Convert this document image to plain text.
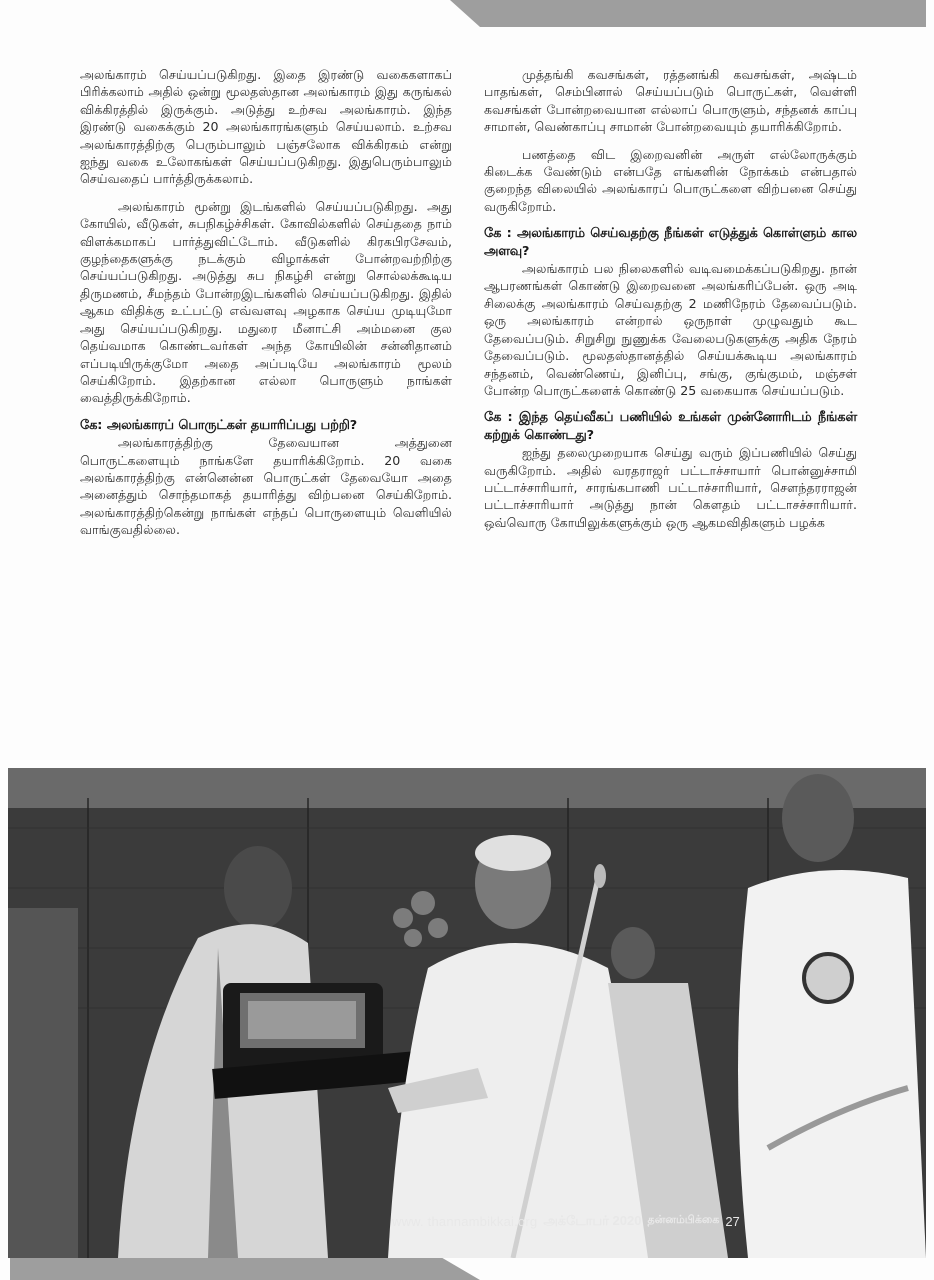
அலங்காரம் செய்யப்படுகிறது. இதை இரண்டு வகைகளாகப் பிரிக்கலாம் அதில் ஒன்று மூலதஸ்தான அலங்காரம் இது கருங்கல் விக்கிரத்தில் இருக்கும். அடுத்து உற்சவ அலங்காரம். இந்த இரண்டு வகைக்கும் 20 அலங்காரங்களும் செய்யலாம். உற்சவ அலங்காரத்திற்கு பெரும்பாலும் பஞ்சலோக விக்கிரகம் என்று ஐந்து வகை உலோகங்கள் செய்யப்படுகிறது. இதுபெரும்பாலும் செய்வதைப் பார்த்திருக்கலாம்.

அலங்காரம் மூன்று இடங்களில் செய்யப்படுகிறது. அது கோயில், வீடுகள், சுபநிகழ்ச்சிகள். கோவில்களில் செய்ததை நாம் விளக்கமாகப் பார்த்துவிட்டோம். வீடுகளில் கிரகபிரசேவம், குழந்தைகளுக்கு நடக்கும் விழாக்கள் போன்றவற்றிற்கு செய்யப்படுகிறது. அடுத்து சுப நிகழ்சி என்று சொல்லக்கூடிய திருமணம், சீமந்தம் போன்றஇடங்களில் செய்யப்படுகிறது. இதில் ஆகம விதிக்கு உட்பட்டு எவ்வளவு அழகாக செய்ய முடியுமோ அது செய்யப்படுகிறது. மதுரை மீனாட்சி அம்மனை குல தெய்வமாக கொண்டவர்கள் அந்த கோயிலின் சன்னிதானம் எப்படியிருக்குமோ அதை அப்படியே அலங்காரம் மூலம் செய்கிறோம். இதற்கான எல்லா பொருளும் நாங்கள் வைத்திருக்கிறோம்.

கே: அலங்காரப் பொருட்கள் தயாரிப்பது பற்றி?

அலங்காரத்திற்கு தேவையான அத்துனை பொருட்களையும் நாங்களே தயாரிக்கிறோம். 20 வகை அலங்காரத்திற்கு என்னென்ன பொருட்கள் தேவையோ அதை அனைத்தும் சொந்தமாகத் தயாரித்து விற்பனை செய்கிறோம். அலங்காரத்திற்கென்று நாங்கள் எந்தப் பொருளையும் வெளியில் வாங்குவதில்லை.

முத்தங்கி கவசங்கள், ரத்தனங்கி கவசங்கள், அஷ்டம் பாதங்கள், செம்பினால் செய்யப்படும் பொருட்கள், வெள்ளி கவசங்கள் போன்றவையான எல்லாப் பொருளும், சந்தனக் காப்பு சாமான், வெண்காப்பு சாமான் போன்றவையும் தயாரிக்கிறோம்.

பணத்தை விட இறைவனின் அருள் எல்லோருக்கும் கிடைக்க வேண்டும் என்பதே எங்களின் நோக்கம் என்பதால் குறைந்த விலையில் அலங்காரப் பொருட்களை விற்பனை செய்து வருகிறோம்.

கே : அலங்காரம் செய்வதற்கு நீங்கள் எடுத்துக் கொள்ளும் கால அளவு?

அலங்காரம் பல நிலைகளில் வடிவமைக்கப்படுகிறது. நான் ஆபரணங்கள் கொண்டு இறைவனை அலங்கரிப்பேன். ஒரு அடி சிலைக்கு அலங்காரம் செய்வதற்கு 2 மணிநேரம் தேவைப்படும். ஒரு அலங்காரம் என்றால் ஒருநாள் முழுவதும் கூட தேவைப்படும். சிறுசிறு நுணுக்க வேலைபடுகளுக்கு அதிக நேரம் தேவைப்படும். மூலதஸ்தானத்தில் செய்யக்கூடிய அலங்காரம் சந்தனம், வெண்ணெய், இனிப்பு, சங்கு, குங்குமம், மஞ்சள் போன்ற பொருட்களைக் கொண்டு 25 வகையாக செய்யப்படும்.

கே : இந்த தெய்வீகப் பணியில் உங்கள் முன்னோரிடம் நீங்கள் கற்றுக் கொண்டது?

ஐந்து தலைமுறையாக செய்து வரும் இப்பணியில் செய்து வருகிறோம். அதில் வரதராஜர் பட்டாச்சாயார் பொன்னுச்சாமி பட்டாச்சாரியார், சாரங்கபாணி பட்டாச்சாரியார், சௌந்தரராஜன் பட்டாச்சாரியார் அடுத்து நான் கௌதம் பட்டாசச்சாரியார். ஒவ்வொரு கோயிலுக்களுக்கும் ஒரு ஆகமவிதிகளும் பழக்க

www. thannambikkai.org அக்டோபர் 2020 தன்னம்பிக்கை 27
